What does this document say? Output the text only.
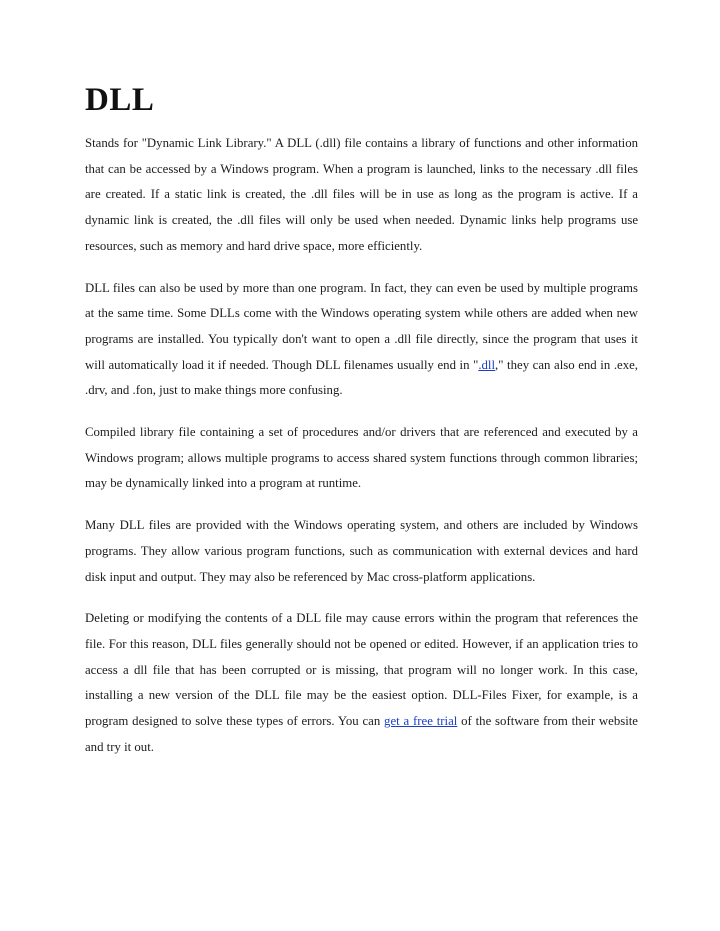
DLL

Stands for "Dynamic Link Library." A DLL (.dll) file contains a library of functions and other information that can be accessed by a Windows program. When a program is launched, links to the necessary .dll files are created. If a static link is created, the .dll files will be in use as long as the program is active. If a dynamic link is created, the .dll files will only be used when needed. Dynamic links help programs use resources, such as memory and hard drive space, more efficiently.

DLL files can also be used by more than one program. In fact, they can even be used by multiple programs at the same time. Some DLLs come with the Windows operating system while others are added when new programs are installed. You typically don't want to open a .dll file directly, since the program that uses it will automatically load it if needed. Though DLL filenames usually end in ".dll," they can also end in .exe, .drv, and .fon, just to make things more confusing.

Compiled library file containing a set of procedures and/or drivers that are referenced and executed by a Windows program; allows multiple programs to access shared system functions through common libraries; may be dynamically linked into a program at runtime.

Many DLL files are provided with the Windows operating system, and others are included by Windows programs. They allow various program functions, such as communication with external devices and hard disk input and output. They may also be referenced by Mac cross-platform applications.

Deleting or modifying the contents of a DLL file may cause errors within the program that references the file. For this reason, DLL files generally should not be opened or edited. However, if an application tries to access a dll file that has been corrupted or is missing, that program will no longer work. In this case, installing a new version of the DLL file may be the easiest option. DLL-Files Fixer, for example, is a program designed to solve these types of errors. You can get a free trial of the software from their website and try it out.
